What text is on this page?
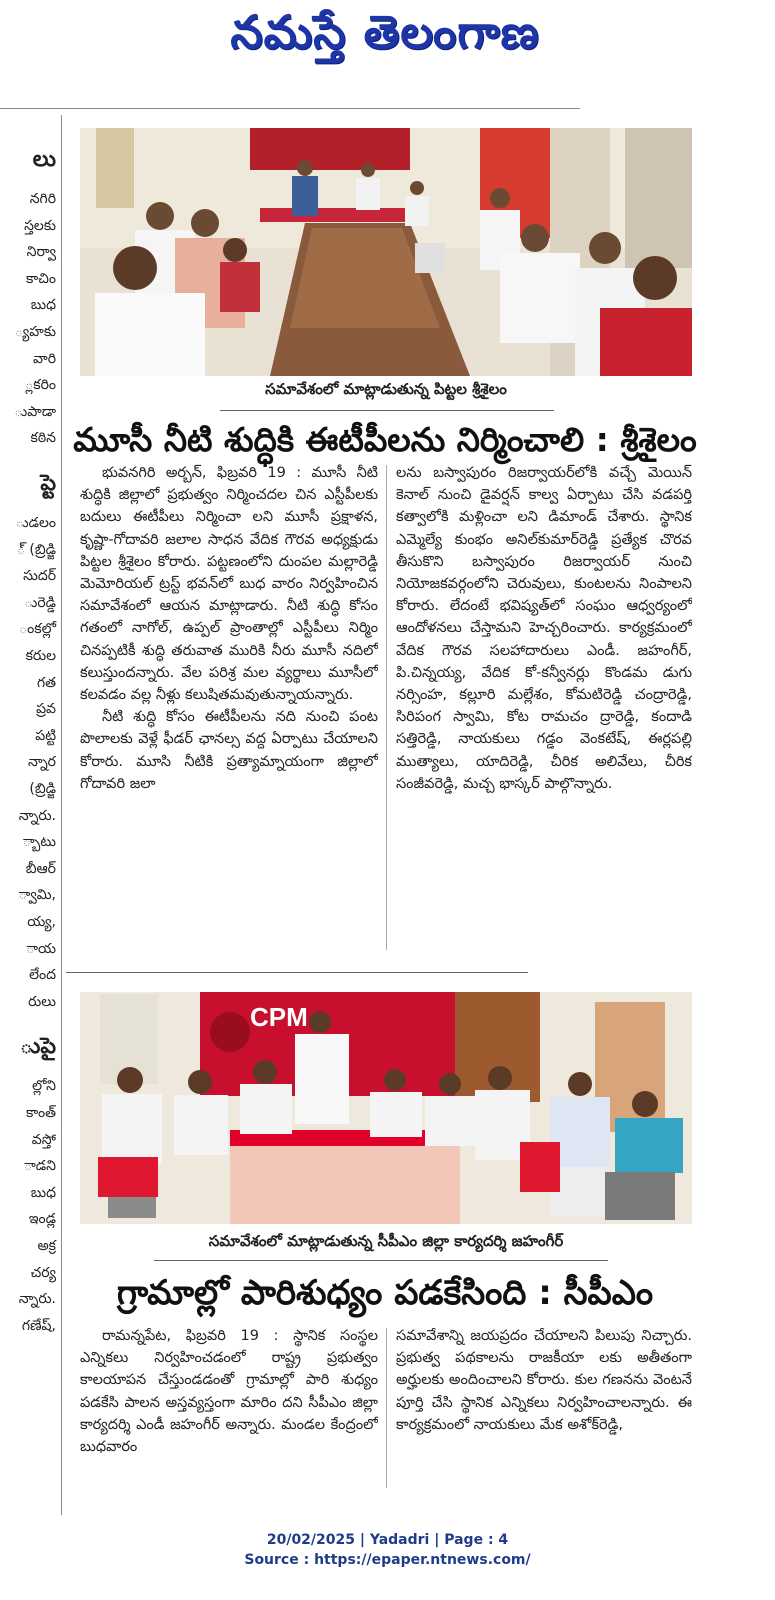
నమస్తే తెలంగాణ
లు
నగిరి
స్తలకు
నిర్వా
కాచిం
బుధ
్యహకు
వారి
్లకరిం
ుపాడా
కఠిన
ప్టె
ుడలం
్ (బ్రిడ్జి
సుదర్
ురెడ్డి
ంకల్లో
కరుల
గత
ప్రవ
పట్టి
న్నార
(బ్రిడ్జి
న్నారు.
్బాటు
బీఆర్
్వామి,
య్య,
ాయ
లేంద
రులు
ుపై
ల్లోని
కాంత్
వస్తో
ాడని
బుధ
ఇండ్ల
అక్ర
చర్య
న్నారు.
గణేష్,
సమావేశంలో మాట్లాడుతున్న పిట్టల శ్రీశైలం
మూసీ నీటి శుద్ధికి ఈటీపీలను నిర్మించాలి : శ్రీశైలం

భువనగిరి అర్బన్, ఫిబ్రవరి 19 : మూసీ నీటి శుద్ధికి జిల్లాలో ప్రభుత్వం నిర్మించదల చిన ఎస్టీపీలకు బదులు ఈటీపీలు నిర్మించా లని మూసీ ప్రక్షాళన, కృష్ణా-గోదావరి జలాల సాధన వేదిక గౌరవ అధ్యక్షుడు పిట్టల శ్రీశైలం కోరారు. పట్టణంలోని దుంపల మల్లారెడ్డి మెమోరియల్ ట్రస్ట్ భవన్‌లో బుధ వారం నిర్వహించిన సమావేశంలో ఆయన మాట్లాడారు. నీటి శుద్ధి కోసం గతంలో నాగోల్, ఉప్పల్ ప్రాంతాల్లో ఎస్టీపీలు నిర్మిం చినప్పటికీ శుద్ధి తరువాత మురికి నీరు మూసీ నదిలో కలుస్తుందన్నారు. వేల పరిశ్ర మల వ్యర్థాలు మూసీలో కలవడం వల్ల నీళ్లు కలుషితమవుతున్నాయన్నారు.

నీటి శుద్ధి కోసం ఈటీపీలను నది నుంచి పంట పొలాలకు వెళ్లే ఫీడర్ ఛానల్స వద్ద ఏర్పాటు చేయాలని కోరారు. మూసి నీటికి ప్రత్యామ్నాయంగా జిల్లాలో గోదావరి జలా

లను బస్వాపురం రిజర్వాయర్‌లోకి వచ్చే మెయిన్ కెనాల్ నుంచి డైవర్షన్ కాల్వ ఏర్పాటు చేసి వడపర్తి కత్వాలోకి మళ్లించా లని డిమాండ్ చేశారు. స్థానిక ఎమ్మెల్యే కుంభం అనిల్‌కుమార్‌రెడ్డి ప్రత్యేక చొరవ తీసుకొని బస్వాపురం రిజర్వాయర్ నుంచి నియోజకవర్గంలోని చెరువులు, కుంటలను నింపాలని కోరారు. లేదంటే భవిష్యత్‌లో సంఘం ఆధ్వర్యంలో ఆందోళనలు చేస్తామని హెచ్చరించారు. కార్యక్రమంలో వేదిక గౌరవ సలహాదారులు ఎండీ. జహంగీర్, పి.చిన్నయ్య, వేదిక కో-కన్వీనర్లు కొండమ డుగు నర్సింహ, కల్లూరి మల్లేశం, కోమటిరెడ్డి చంద్రారెడ్డి, సిరిపంగ స్వామి, కోట రామచం ద్రారెడ్డి, కందాడి సత్తిరెడ్డి, నాయకులు గడ్డం వెంకటేష్, ఈర్లపల్లి ముత్యాలు, యాదిరెడ్డి, చీరిక అలివేలు, చీరిక సంజీవరెడ్డి, మచ్చ భాస్కర్ పాల్గొన్నారు.

CPM
సమావేశంలో మాట్లాడుతున్న సీపీఎం జిల్లా కార్యదర్శి జహంగీర్
గ్రామాల్లో పారిశుధ్యం పడకేసింది : సీపీఎం

రామన్నపేట, ఫిబ్రవరి 19 : స్థానిక సంస్థల ఎన్నికలు నిర్వహించడంలో రాష్ట్ర ప్రభుత్వం కాలయాపన చేస్తుండడంతో గ్రామాల్లో పారి శుధ్యం పడకేసి పాలన అస్తవ్యస్తంగా మారిం దని సీపీఎం జిల్లా కార్యదర్శి ఎండీ జహంగీర్ అన్నారు. మండల కేంద్రంలో బుధవారం

సమావేశాన్ని జయప్రదం చేయాలని పిలుపు నిచ్చారు. ప్రభుత్వ పథకాలను రాజకీయా లకు అతీతంగా అర్హులకు అందించాలని కోరారు. కుల గణనను వెంటనే పూర్తి చేసి స్థానిక ఎన్నికలు నిర్వహించాలన్నారు. ఈ కార్యక్రమంలో నాయకులు మేక అశోక్‌రెడ్డి,

20/02/2025 | Yadadri | Page : 4
Source : https://epaper.ntnews.com/
